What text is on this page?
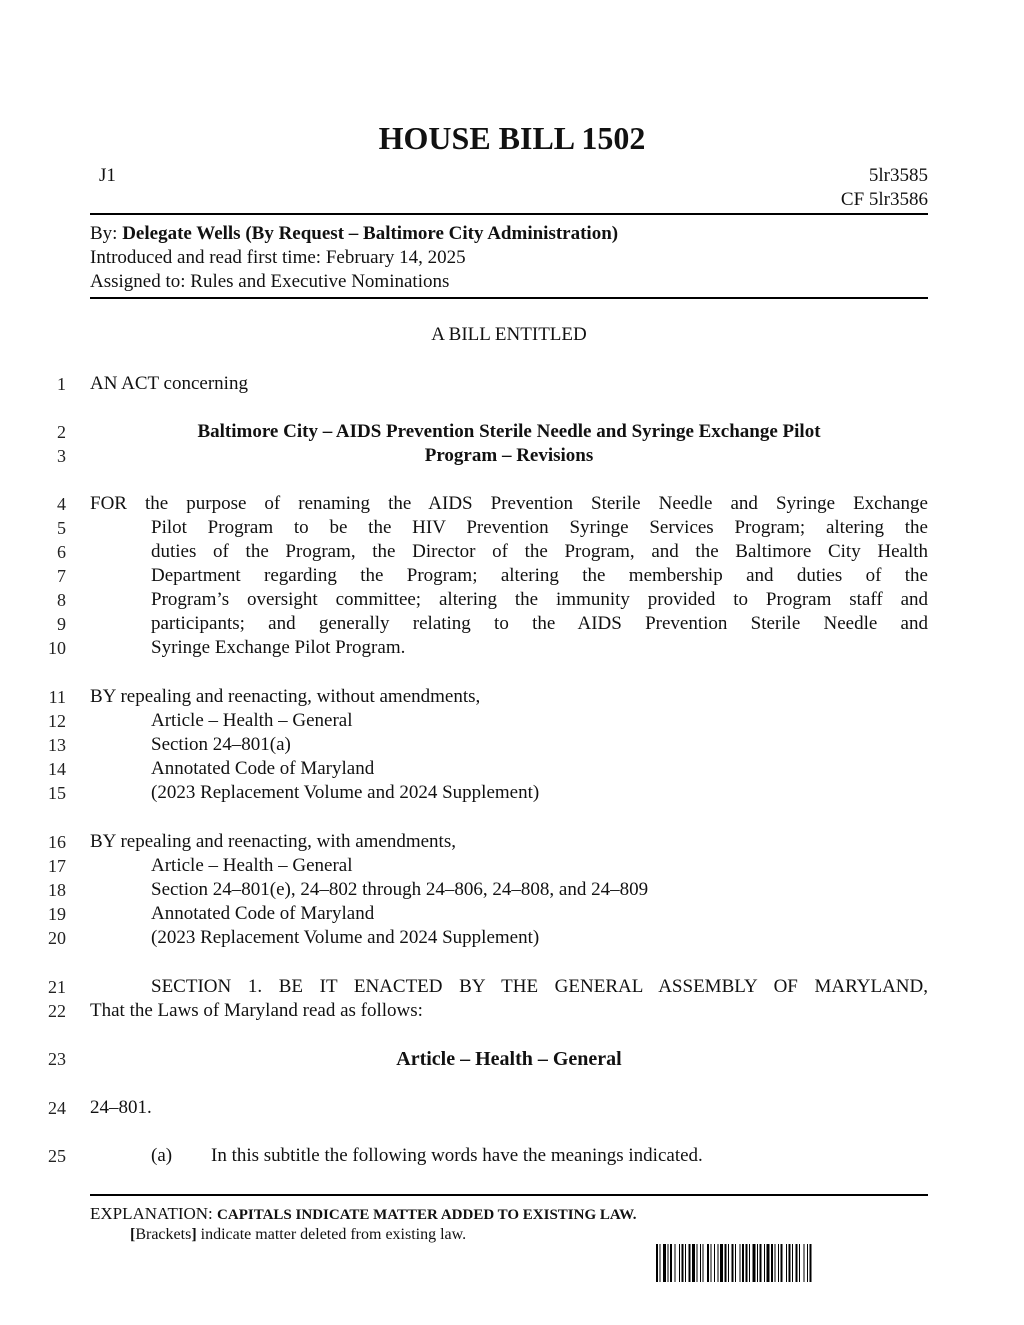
HOUSE BILL 1502
J1	5lr3585
CF 5lr3586
By: Delegate Wells (By Request – Baltimore City Administration)
Introduced and read first time: February 14, 2025
Assigned to: Rules and Executive Nominations
A BILL ENTITLED
1
2
3
4
5
6
7
8
9
10
11
12
13
14
15
16
17
18
19
20
21
22
23
24
25
AN ACT concerning
Baltimore City – AIDS Prevention Sterile Needle and Syringe Exchange Pilot
Program – Revisions
FOR the purpose of renaming the AIDS Prevention Sterile Needle and Syringe Exchange
Pilot Program to be the HIV Prevention Syringe Services Program; altering the
duties of the Program, the Director of the Program, and the Baltimore City Health
Department regarding the Program; altering the membership and duties of the
Program’s oversight committee; altering the immunity provided to Program staff and
participants; and generally relating to the AIDS Prevention Sterile Needle and
Syringe Exchange Pilot Program.
BY repealing and reenacting, without amendments,
Article – Health – General
Section 24–801(a)
Annotated Code of Maryland
(2023 Replacement Volume and 2024 Supplement)
BY repealing and reenacting, with amendments,
Article – Health – General
Section 24–801(e), 24–802 through 24–806, 24–808, and 24–809
Annotated Code of Maryland
(2023 Replacement Volume and 2024 Supplement)
SECTION 1. BE IT ENACTED BY THE GENERAL ASSEMBLY OF MARYLAND,
That the Laws of Maryland read as follows:
Article – Health – General
24–801.
(a) In this subtitle the following words have the meanings indicated.
EXPLANATION: CAPITALS INDICATE MATTER ADDED TO EXISTING LAW.
[Brackets] indicate matter deleted from existing law.
